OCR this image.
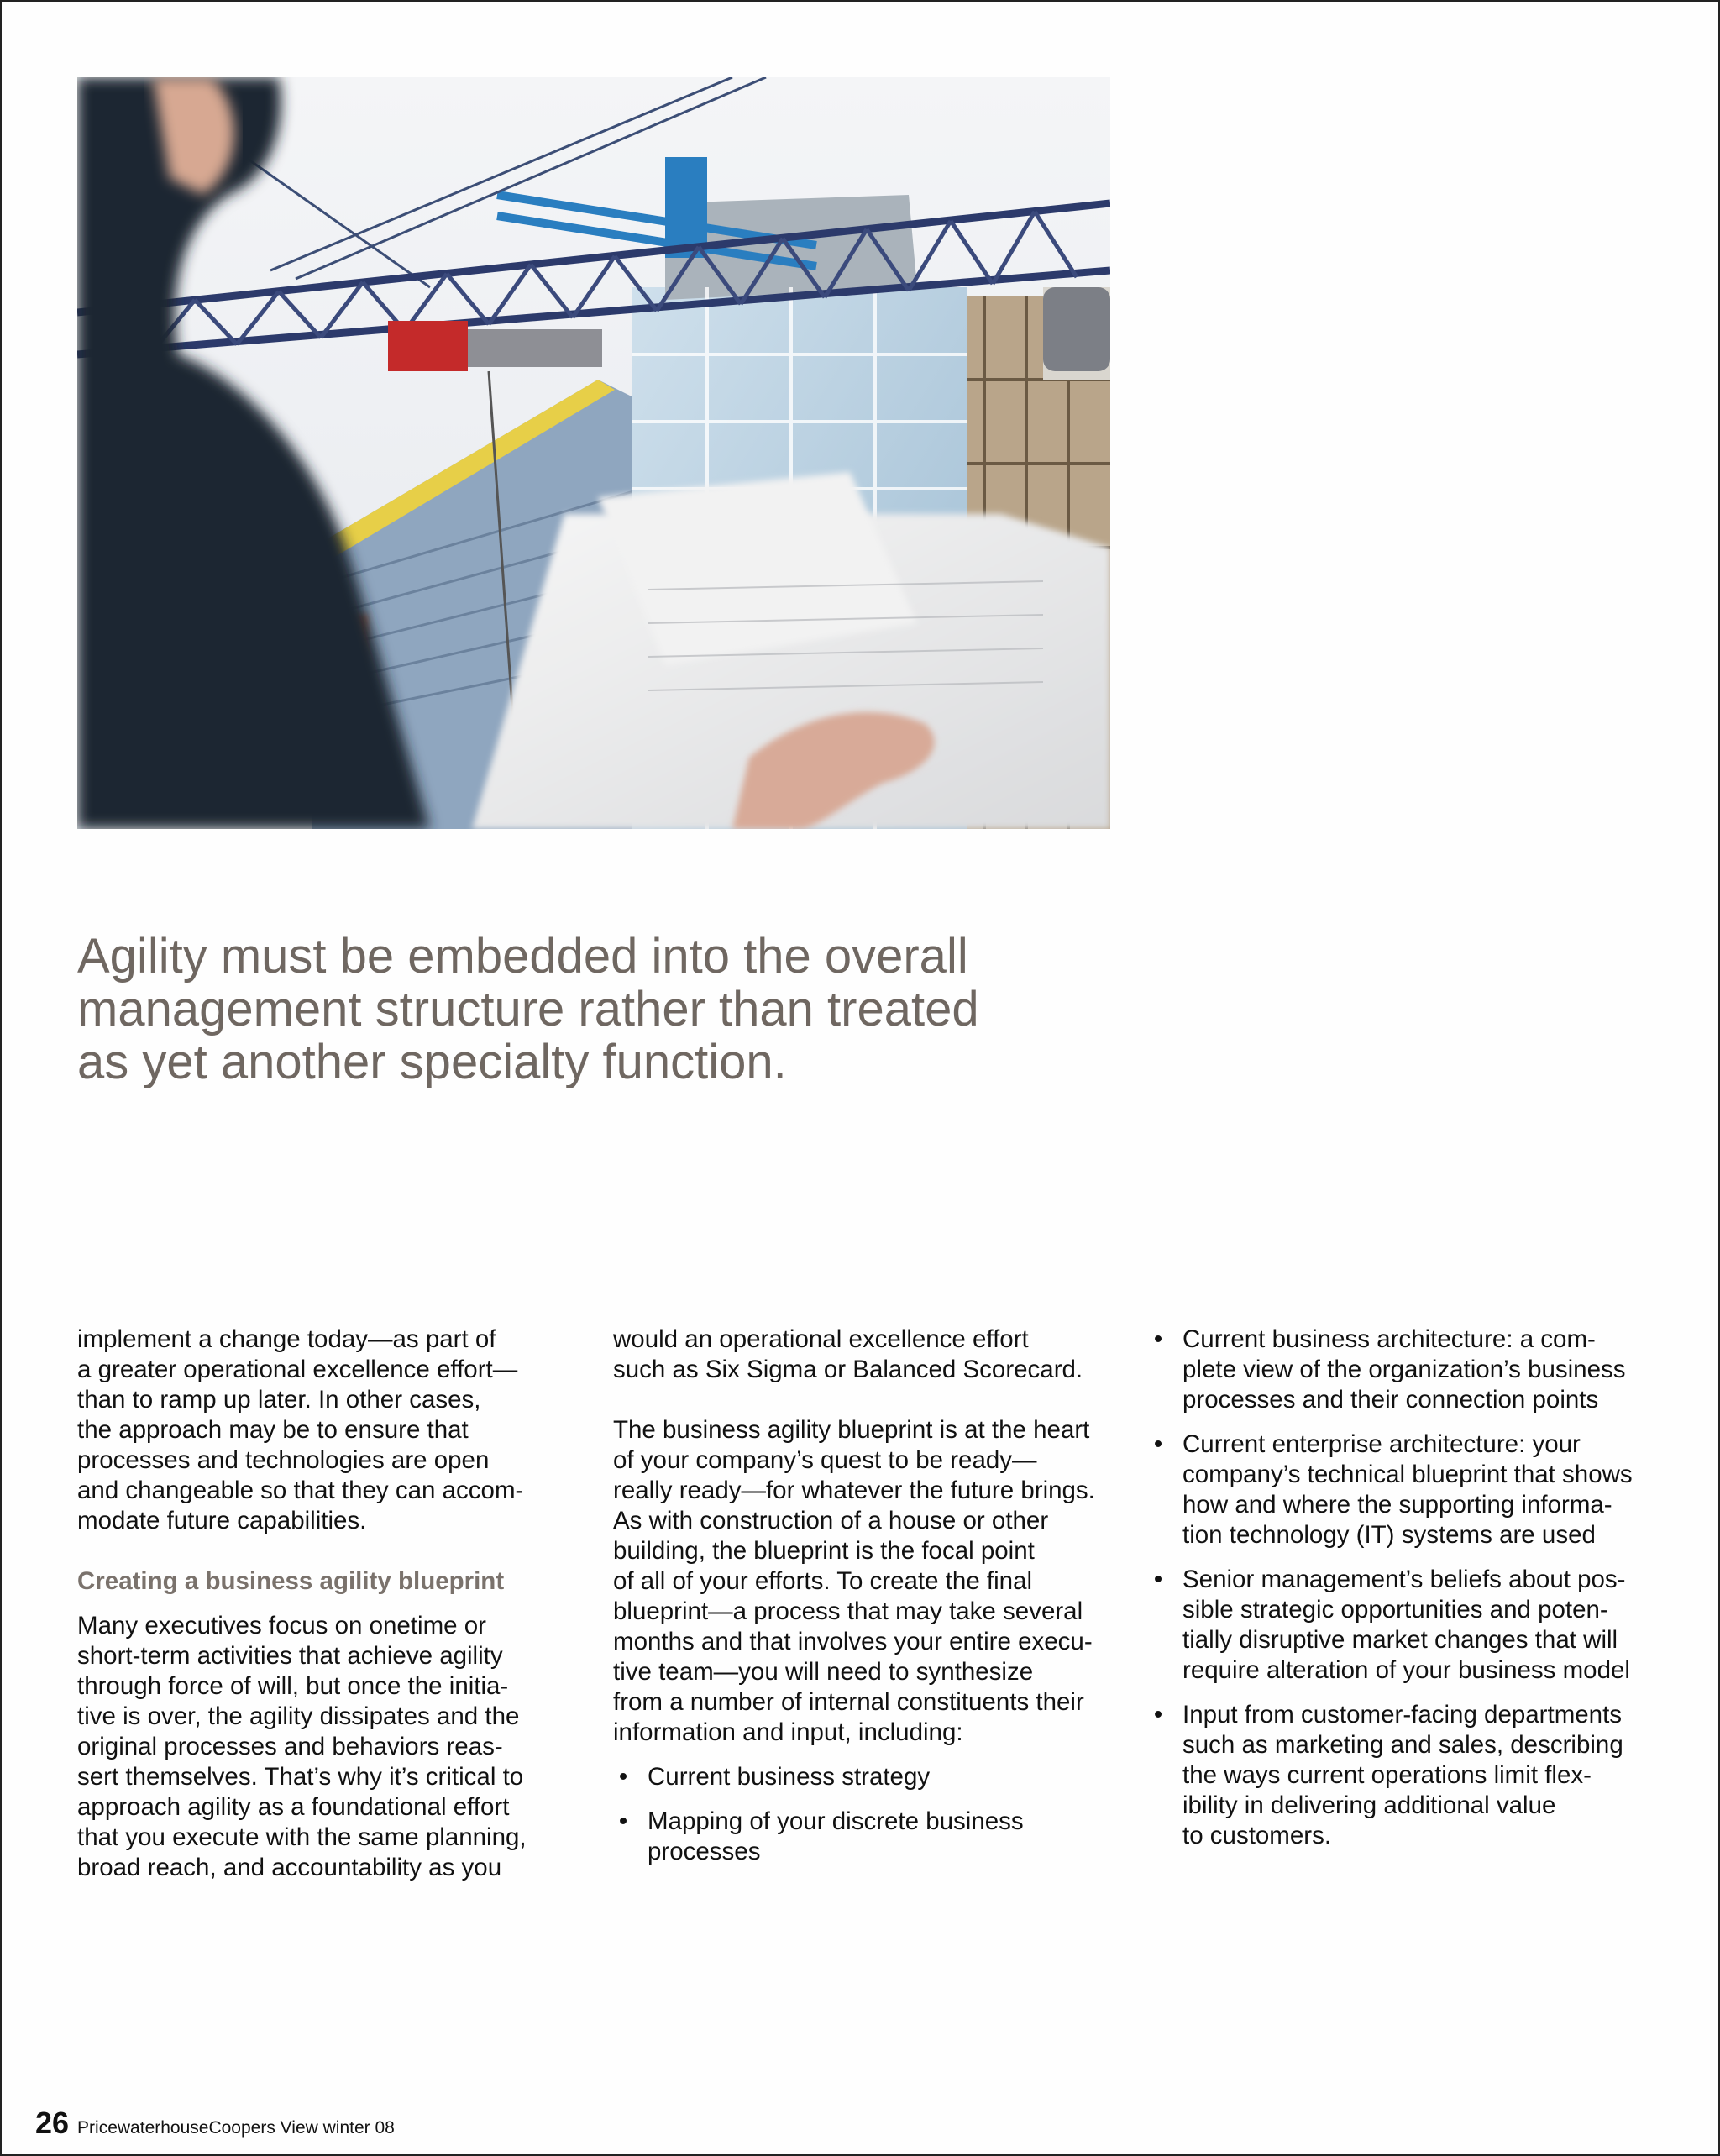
Agility must be embedded into the overall
management structure rather than treated
as yet another specialty function.
implement a change today—as part of
a greater operational excellence effort—
than to ramp up later. In other cases,
the approach may be to ensure that
processes and technologies are open
and changeable so that they can accom-
modate future capabilities.
Creating a business agility blueprint
Many executives focus on onetime or
short-term activities that achieve agility
through force of will, but once the initia-
tive is over, the agility dissipates and the
original processes and behaviors reas-
sert themselves. That’s why it’s critical to
approach agility as a foundational effort
that you execute with the same planning,
broad reach, and accountability as you
would an operational excellence effort
such as Six Sigma or Balanced Scorecard.
The business agility blueprint is at the heart
of your company’s quest to be ready—
really ready—for whatever the future brings.
As with construction of a house or other
building, the blueprint is the focal point
of all of your efforts. To create the final
blueprint—a process that may take several
months and that involves your entire execu-
tive team—you will need to synthesize
from a number of internal constituents their
information and input, including:
• Current business strategy
• Mapping of your discrete business
processes
• Current business architecture: a com-
plete view of the organization’s business
processes and their connection points
• Current enterprise architecture: your
company’s technical blueprint that shows
how and where the supporting informa-
tion technology (IT) systems are used
• Senior management’s beliefs about pos-
sible strategic opportunities and poten-
tially disruptive market changes that will
require alteration of your business model
• Input from customer-facing departments
such as marketing and sales, describing
the ways current operations limit flex-
ibility in delivering additional value
to customers.
26 PricewaterhouseCoopers View winter 08
